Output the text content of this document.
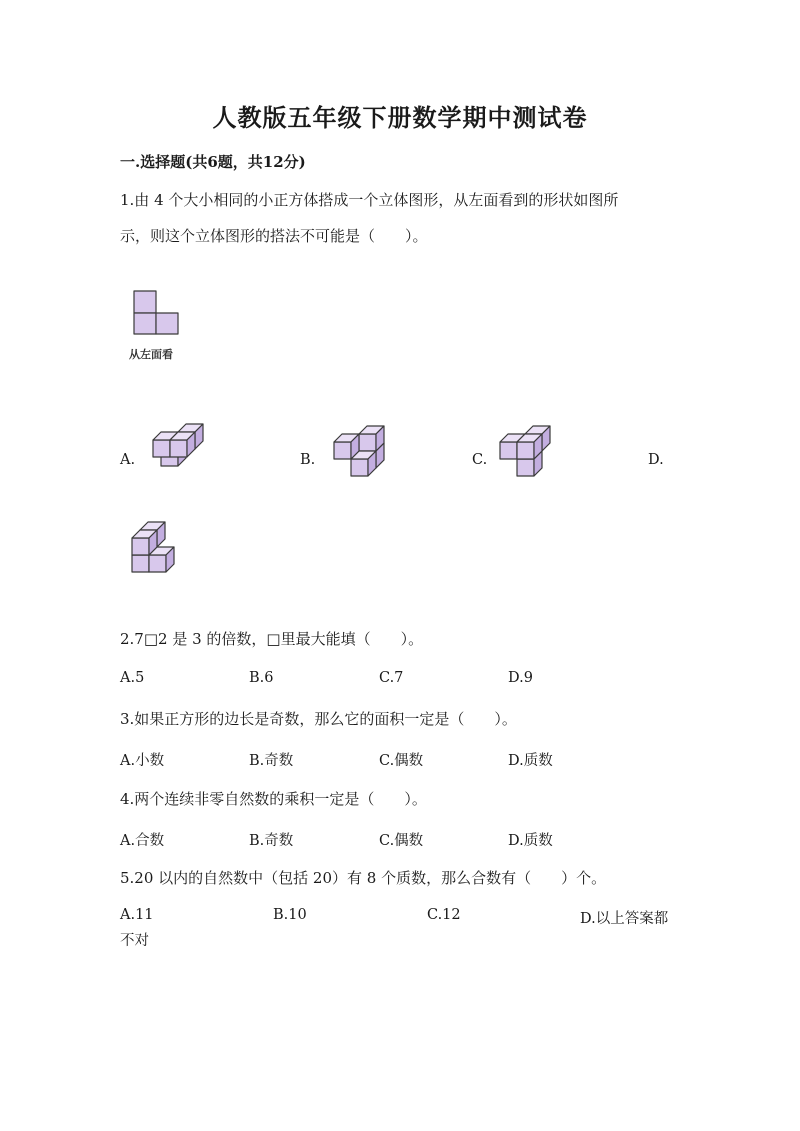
人教版五年级下册数学期中测试卷
一.选择题(共6题，共12分)
1.由 4 个大小相同的小正方体搭成一个立体图形，从左面看到的形状如图所
示，则这个立体图形的搭法不可能是（　　）。
从左面看
A.	B.	C.	D.
2.7□2 是 3 的倍数，□里最大能填（　　）。
A.5	B.6	C.7	D.9
3.如果正方形的边长是奇数，那么它的面积一定是（　　）。
A.小数	B.奇数	C.偶数	D.质数
4.两个连续非零自然数的乘积一定是（　　）。
A.合数	B.奇数	C.偶数	D.质数
5.20 以内的自然数中（包括 20）有 8 个质数，那么合数有（　　）个。
A.11	B.10	C.12	D.以上答案都
不对
